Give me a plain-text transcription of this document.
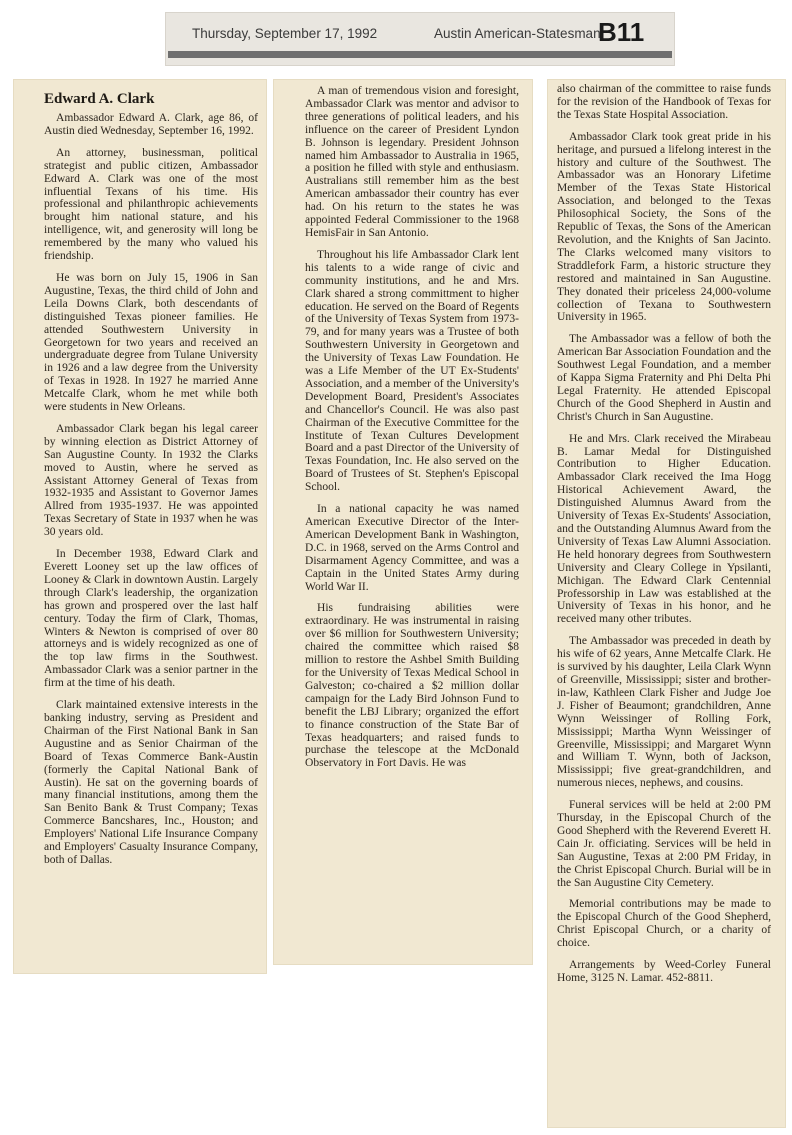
Thursday, September 17, 1992	Austin American-Statesman
B11
Edward A. Clark

Ambassador Edward A. Clark, age 86, of Austin died Wednesday, September 16, 1992.

An attorney, businessman, political strategist and public citizen, Ambassador Edward A. Clark was one of the most influential Texans of his time. His professional and philanthropic achievements brought him national stature, and his intelligence, wit, and generosity will long be remembered by the many who valued his friendship.

He was born on July 15, 1906 in San Augustine, Texas, the third child of John and Leila Downs Clark, both descendants of distinguished Texas pioneer families. He attended Southwestern University in Georgetown for two years and received an undergraduate degree from Tulane University in 1926 and a law degree from the University of Texas in 1928. In 1927 he married Anne Metcalfe Clark, whom he met while both were students in New Orleans.

Ambassador Clark began his legal career by winning election as District Attorney of San Augustine County. In 1932 the Clarks moved to Austin, where he served as Assistant Attorney General of Texas from 1932-1935 and Assistant to Governor James Allred from 1935-1937. He was appointed Texas Secretary of State in 1937 when he was 30 years old.

In December 1938, Edward Clark and Everett Looney set up the law offices of Looney & Clark in downtown Austin. Largely through Clark's leadership, the organization has grown and prospered over the last half century. Today the firm of Clark, Thomas, Winters & Newton is comprised of over 80 attorneys and is widely recognized as one of the top law firms in the Southwest. Ambassador Clark was a senior partner in the firm at the time of his death.

Clark maintained extensive interests in the banking industry, serving as President and Chairman of the First National Bank in San Augustine and as Senior Chairman of the Board of Texas Commerce Bank-Austin (formerly the Capital National Bank of Austin). He sat on the governing boards of many financial institutions, among them the San Benito Bank & Trust Company; Texas Commerce Bancshares, Inc., Houston; and Employers' National Life Insurance Company and Employers' Casualty Insurance Company, both of Dallas.

A man of tremendous vision and foresight, Ambassador Clark was mentor and advisor to three generations of political leaders, and his influence on the career of President Lyndon B. Johnson is legendary. President Johnson named him Ambassador to Australia in 1965, a position he filled with style and enthusiasm. Australians still remember him as the best American ambassador their country has ever had. On his return to the states he was appointed Federal Commissioner to the 1968 HemisFair in San Antonio.

Throughout his life Ambassador Clark lent his talents to a wide range of civic and community institutions, and he and Mrs. Clark shared a strong committment to higher education. He served on the Board of Regents of the University of Texas System from 1973-79, and for many years was a Trustee of both Southwestern University in Georgetown and the University of Texas Law Foundation. He was a Life Member of the UT Ex-Students' Association, and a member of the University's Development Board, President's Associates and Chancellor's Council. He was also past Chairman of the Executive Committee for the Institute of Texan Cultures Development Board and a past Director of the University of Texas Foundation, Inc. He also served on the Board of Trustees of St. Stephen's Episcopal School.

In a national capacity he was named American Executive Director of the Inter-American Development Bank in Washington, D.C. in 1968, served on the Arms Control and Disarmament Agency Committee, and was a Captain in the United States Army during World War II.

His fundraising abilities were extraordinary. He was instrumental in raising over $6 million for Southwestern University; chaired the committee which raised $8 million to restore the Ashbel Smith Building for the University of Texas Medical School in Galveston; co-chaired a $2 million dollar campaign for the Lady Bird Johnson Fund to benefit the LBJ Library; organized the effort to finance construction of the State Bar of Texas headquarters; and raised funds to purchase the telescope at the McDonald Observatory in Fort Davis. He was

also chairman of the committee to raise funds for the revision of the Handbook of Texas for the Texas State Hospital Association.

Ambassador Clark took great pride in his heritage, and pursued a lifelong interest in the history and culture of the Southwest. The Ambassador was an Honorary Lifetime Member of the Texas State Historical Association, and belonged to the Texas Philosophical Society, the Sons of the Republic of Texas, the Sons of the American Revolution, and the Knights of San Jacinto. The Clarks welcomed many visitors to Straddlefork Farm, a historic structure they restored and maintained in San Augustine. They donated their priceless 24,000-volume collection of Texana to Southwestern University in 1965.

The Ambassador was a fellow of both the American Bar Association Foundation and the Southwest Legal Foundation, and a member of Kappa Sigma Fraternity and Phi Delta Phi Legal Fraternity. He attended Episcopal Church of the Good Shepherd in Austin and Christ's Church in San Augustine.

He and Mrs. Clark received the Mirabeau B. Lamar Medal for Distinguished Contribution to Higher Education. Ambassador Clark received the Ima Hogg Historical Achievement Award, the Distinguished Alumnus Award from the University of Texas Ex-Students' Association, and the Outstanding Alumnus Award from the University of Texas Law Alumni Association. He held honorary degrees from Southwestern University and Cleary College in Ypsilanti, Michigan. The Edward Clark Centennial Professorship in Law was established at the University of Texas in his honor, and he received many other tributes.

The Ambassador was preceded in death by his wife of 62 years, Anne Metcalfe Clark. He is survived by his daughter, Leila Clark Wynn of Greenville, Mississippi; sister and brother-in-law, Kathleen Clark Fisher and Judge Joe J. Fisher of Beaumont; grandchildren, Anne Wynn Weissinger of Rolling Fork, Mississippi; Martha Wynn Weissinger of Greenville, Mississippi; and Margaret Wynn and William T. Wynn, both of Jackson, Mississippi; five great-grandchildren, and numerous nieces, nephews, and cousins.

Funeral services will be held at 2:00 PM Thursday, in the Episcopal Church of the Good Shepherd with the Reverend Everett H. Cain Jr. officiating. Services will be held in San Augustine, Texas at 2:00 PM Friday, in the Christ Episcopal Church. Burial will be in the San Augustine City Cemetery.

Memorial contributions may be made to the Episcopal Church of the Good Shepherd, Christ Episcopal Church, or a charity of choice.

Arrangements by Weed-Corley Funeral Home, 3125 N. Lamar. 452-8811.
